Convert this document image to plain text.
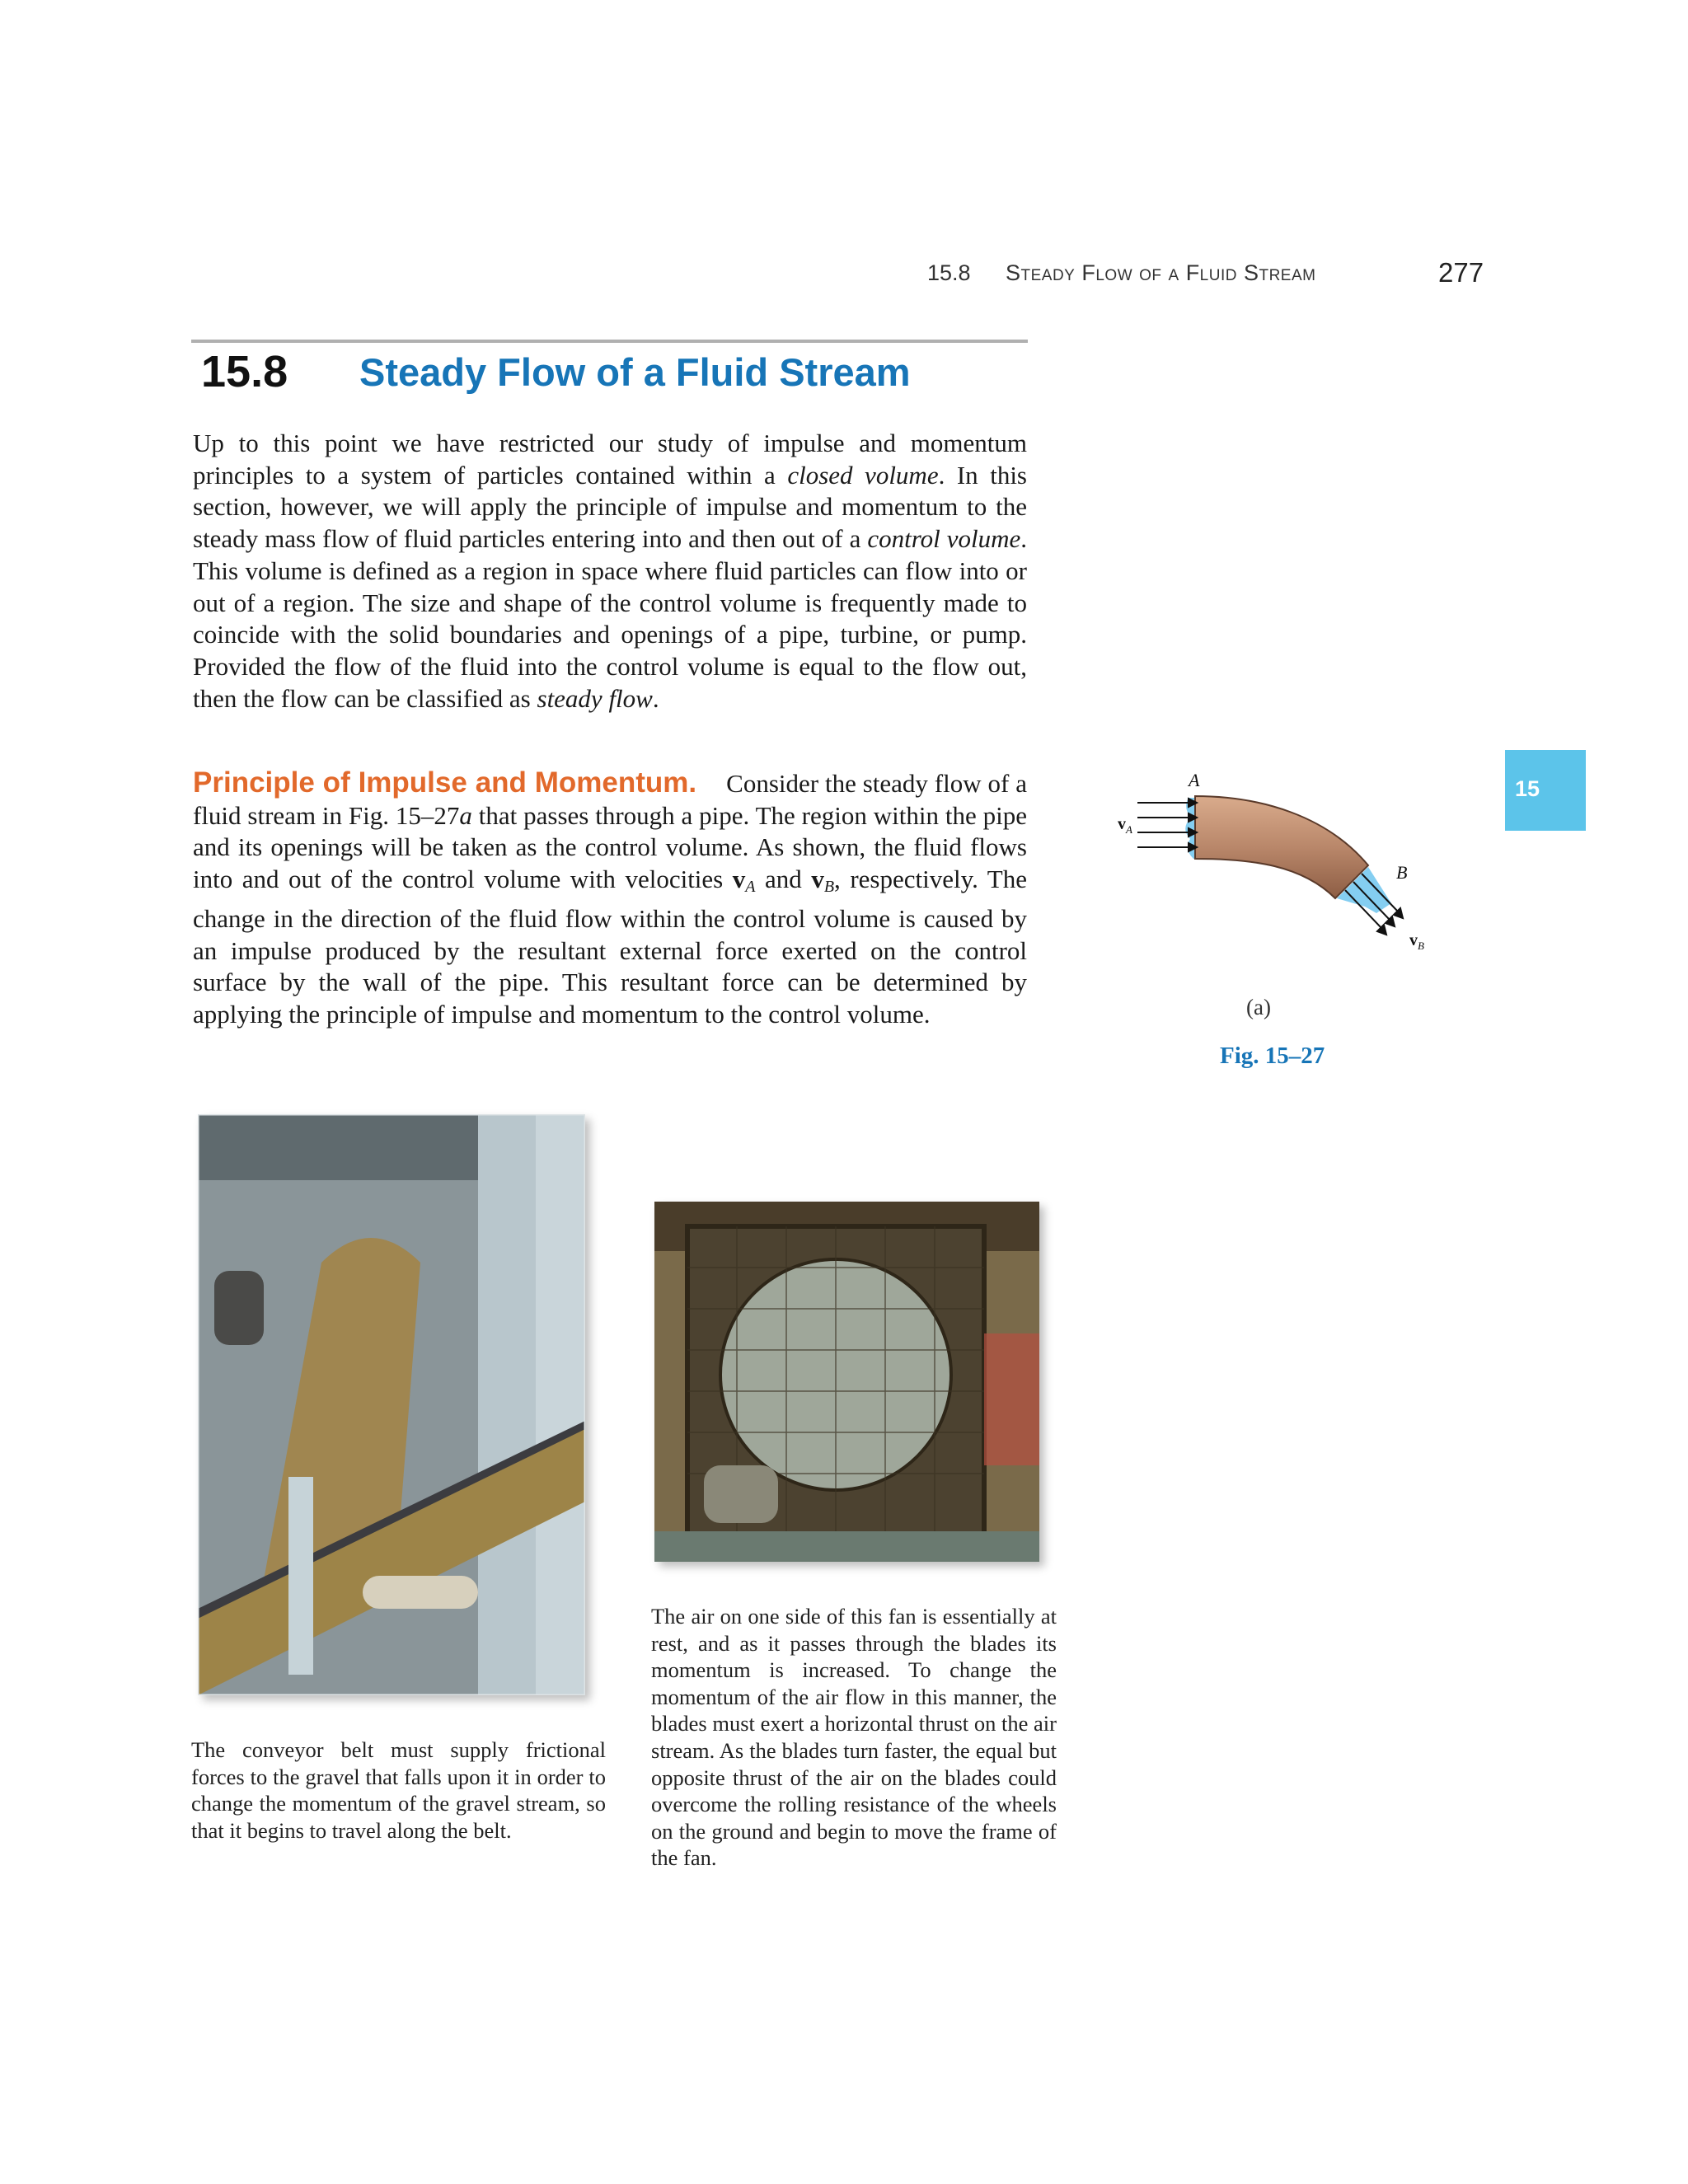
15.8 Steady Flow of a Fluid Stream	277
15.8 Steady Flow of a Fluid Stream
Up to this point we have restricted our study of impulse and momentum principles to a system of particles contained within a closed volume. In this section, however, we will apply the principle of impulse and momentum to the steady mass flow of fluid particles entering into and then out of a control volume. This volume is defined as a region in space where fluid particles can flow into or out of a region. The size and shape of the control volume is frequently made to coincide with the solid boundaries and openings of a pipe, turbine, or pump. Provided the flow of the fluid into the control volume is equal to the flow out, then the flow can be classified as steady flow.
Principle of Impulse and Momentum. Consider the steady flow of a fluid stream in Fig. 15–27a that passes through a pipe. The region within the pipe and its openings will be taken as the control volume. As shown, the fluid flows into and out of the control volume with velocities vA and vB, respectively. The change in the direction of the fluid flow within the control volume is caused by an impulse produced by the resultant external force exerted on the control surface by the wall of the pipe. This resultant force can be determined by applying the principle of impulse and momentum to the control volume.
15
A
B
$v_A$
$v_B$
(a)
Fig. 15–27
The conveyor belt must supply frictional forces to the gravel that falls upon it in order to change the momentum of the gravel stream, so that it begins to travel along the belt.
The air on one side of this fan is essentially at rest, and as it passes through the blades its momentum is increased. To change the momentum of the air flow in this manner, the blades must exert a horizontal thrust on the air stream. As the blades turn faster, the equal but opposite thrust of the air on the blades could overcome the rolling resistance of the wheels on the ground and begin to move the frame of the fan.
